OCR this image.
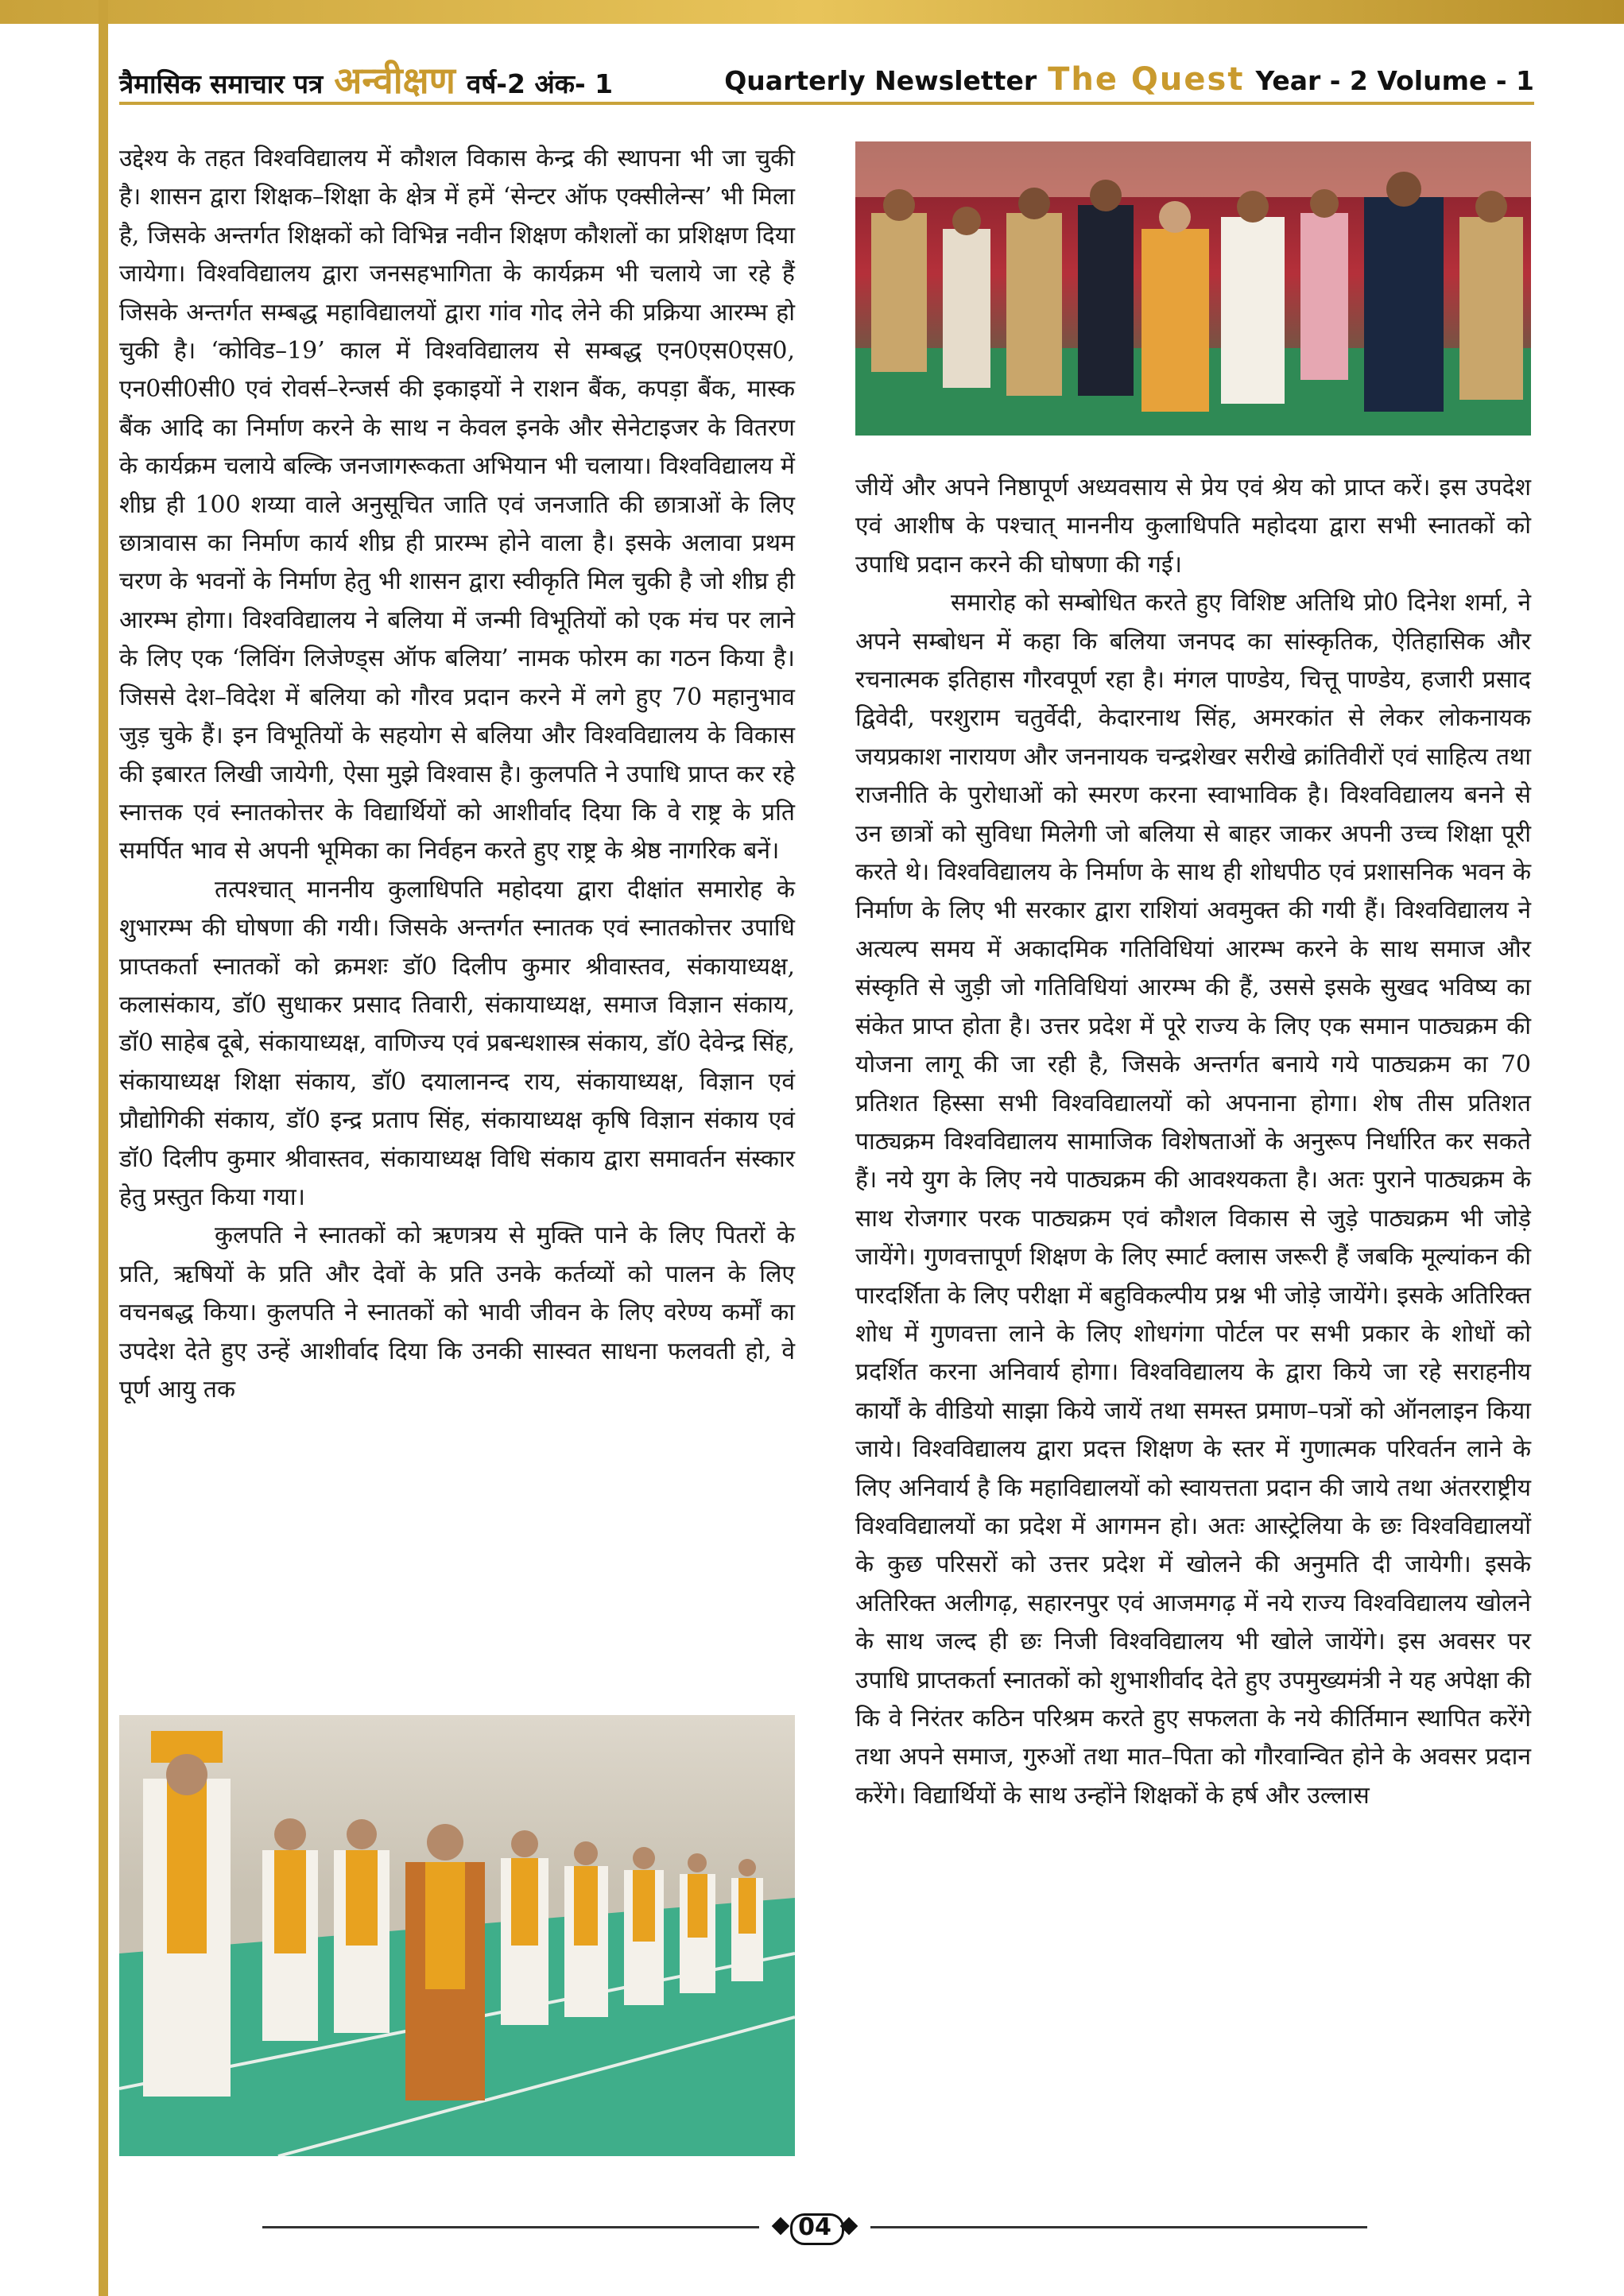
त्रैमासिक समाचार पत्र अन्वीक्षण वर्ष-2 अंक- 1	Quarterly Newsletter The Quest Year - 2 Volume - 1

उद्देश्य के तहत विश्वविद्यालय में कौशल विकास केन्द्र की स्थापना भी जा चुकी है। शासन द्वारा शिक्षक–शिक्षा के क्षेत्र में हमें ‘सेन्टर ऑफ एक्सीलेन्स’ भी मिला है, जिसके अन्तर्गत शिक्षकों को विभिन्न नवीन शिक्षण कौशलों का प्रशिक्षण दिया जायेगा। विश्वविद्यालय द्वारा जनसहभागिता के कार्यक्रम भी चलाये जा रहे हैं जिसके अन्तर्गत सम्बद्ध महाविद्यालयों द्वारा गांव गोद लेने की प्रक्रिया आरम्भ हो चुकी है। ‘कोविड–19’ काल में विश्वविद्यालय से सम्बद्ध एन0एस0एस0, एन0सी0सी0 एवं रोवर्स–रेन्जर्स की इकाइयों ने राशन बैंक, कपड़ा बैंक, मास्क बैंक आदि का निर्माण करने के साथ न केवल इनके और सेनेटाइजर के वितरण के कार्यक्रम चलाये बल्कि जनजागरूकता अभियान भी चलाया। विश्वविद्यालय में शीघ्र ही 100 शय्या वाले अनुसूचित जाति एवं जनजाति की छात्राओं के लिए छात्रावास का निर्माण कार्य शीघ्र ही प्रारम्भ होने वाला है। इसके अलावा प्रथम चरण के भवनों के निर्माण हेतु भी शासन द्वारा स्वीकृति मिल चुकी है जो शीघ्र ही आरम्भ होगा। विश्वविद्यालय ने बलिया में जन्मी विभूतियों को एक मंच पर लाने के लिए एक ‘लिविंग लिजेण्ड्स ऑफ बलिया’ नामक फोरम का गठन किया है। जिससे देश–विदेश में बलिया को गौरव प्रदान करने में लगे हुए 70 महानुभाव जुड़ चुके हैं। इन विभूतियों के सहयोग से बलिया और विश्वविद्यालय के विकास की इबारत लिखी जायेगी, ऐसा मुझे विश्वास है। कुलपति ने उपाधि प्राप्त कर रहे स्नात्तक एवं स्नातकोत्तर के विद्यार्थियों को आशीर्वाद दिया कि वे राष्ट्र के प्रति समर्पित भाव से अपनी भूमिका का निर्वहन करते हुए राष्ट्र के श्रेष्ठ नागरिक बनें।

तत्पश्चात् माननीय कुलाधिपति महोदया द्वारा दीक्षांत समारोह के शुभारम्भ की घोषणा की गयी। जिसके अन्तर्गत स्नातक एवं स्नातकोत्तर उपाधि प्राप्तकर्ता स्नातकों को क्रमशः डॉ0 दिलीप कुमार श्रीवास्तव, संकायाध्यक्ष, कलासंकाय, डॉ0 सुधाकर प्रसाद तिवारी, संकायाध्यक्ष, समाज विज्ञान संकाय, डॉ0 साहेब दूबे, संकायाध्यक्ष, वाणिज्य एवं प्रबन्धशास्त्र संकाय, डॉ0 देवेन्द्र सिंह, संकायाध्यक्ष शिक्षा संकाय, डॉ0 दयालानन्द राय, संकायाध्यक्ष, विज्ञान एवं प्रौद्योगिकी संकाय, डॉ0 इन्द्र प्रताप सिंह, संकायाध्यक्ष कृषि विज्ञान संकाय एवं डॉ0 दिलीप कुमार श्रीवास्तव, संकायाध्यक्ष विधि संकाय द्वारा समावर्तन संस्कार हेतु प्रस्तुत किया गया।

कुलपति ने स्नातकों को ऋणत्रय से मुक्ति पाने के लिए पितरों के प्रति, ऋषियों के प्रति और देवों के प्रति उनके कर्तव्यों को पालन के लिए वचनबद्ध किया। कुलपति ने स्नातकों को भावी जीवन के लिए वरेण्य कर्मों का उपदेश देते हुए उन्हें आशीर्वाद दिया कि उनकी सास्वत साधना फलवती हो, वे पूर्ण आयु तक

जीयें और अपने निष्ठापूर्ण अध्यवसाय से प्रेय एवं श्रेय को प्राप्त करें। इस उपदेश एवं आशीष के पश्चात् माननीय कुलाधिपति महोदया द्वारा सभी स्नातकों को उपाधि प्रदान करने की घोषणा की गई।

समारोह को सम्बोधित करते हुए विशिष्ट अतिथि प्रो0 दिनेश शर्मा, ने अपने सम्बोधन में कहा कि बलिया जनपद का सांस्कृतिक, ऐतिहासिक और रचनात्मक इतिहास गौरवपूर्ण रहा है। मंगल पाण्डेय, चित्तू पाण्डेय, हजारी प्रसाद द्विवेदी, परशुराम चतुर्वेदी, केदारनाथ सिंह, अमरकांत से लेकर लोकनायक जयप्रकाश नारायण और जननायक चन्द्रशेखर सरीखे क्रांतिवीरों एवं साहित्य तथा राजनीति के पुरोधाओं को स्मरण करना स्वाभाविक है। विश्वविद्यालय बनने से उन छात्रों को सुविधा मिलेगी जो बलिया से बाहर जाकर अपनी उच्च शिक्षा पूरी करते थे। विश्वविद्यालय के निर्माण के साथ ही शोधपीठ एवं प्रशासनिक भवन के निर्माण के लिए भी सरकार द्वारा राशियां अवमुक्त की गयी हैं। विश्वविद्यालय ने अत्यल्प समय में अकादमिक गतिविधियां आरम्भ करने के साथ समाज और संस्कृति से जुड़ी जो गतिविधियां आरम्भ की हैं, उससे इसके सुखद भविष्य का संकेत प्राप्त होता है। उत्तर प्रदेश में पूरे राज्य के लिए एक समान पाठ्यक्रम की योजना लागू की जा रही है, जिसके अन्तर्गत बनाये गये पाठ्यक्रम का 70 प्रतिशत हिस्सा सभी विश्वविद्यालयों को अपनाना होगा। शेष तीस प्रतिशत पाठ्यक्रम विश्वविद्यालय सामाजिक विशेषताओं के अनुरूप निर्धारित कर सकते हैं। नये युग के लिए नये पाठ्यक्रम की आवश्यकता है। अतः पुराने पाठ्यक्रम के साथ रोजगार परक पाठ्यक्रम एवं कौशल विकास से जुड़े पाठ्यक्रम भी जोड़े जायेंगे। गुणवत्तापूर्ण शिक्षण के लिए स्मार्ट क्लास जरूरी हैं जबकि मूल्यांकन की पारदर्शिता के लिए परीक्षा में बहुविकल्पीय प्रश्न भी जोड़े जायेंगे। इसके अतिरिक्त शोध में गुणवत्ता लाने के लिए शोधगंगा पोर्टल पर सभी प्रकार के शोधों को प्रदर्शित करना अनिवार्य होगा। विश्वविद्यालय के द्वारा किये जा रहे सराहनीय कार्यों के वीडियो साझा किये जायें तथा समस्त प्रमाण–पत्रों को ऑनलाइन किया जाये। विश्वविद्यालय द्वारा प्रदत्त शिक्षण के स्तर में गुणात्मक परिवर्तन लाने के लिए अनिवार्य है कि महाविद्यालयों को स्वायत्तता प्रदान की जाये तथा अंतरराष्ट्रीय विश्वविद्यालयों का प्रदेश में आगमन हो। अतः आस्ट्रेलिया के छः विश्वविद्यालयों के कुछ परिसरों को उत्तर प्रदेश में खोलने की अनुमति दी जायेगी। इसके अतिरिक्त अलीगढ़, सहारनपुर एवं आजमगढ़ में नये राज्य विश्वविद्यालय खोलने के साथ जल्द ही छः निजी विश्वविद्यालय भी खोले जायेंगे। इस अवसर पर उपाधि प्राप्तकर्ता स्नातकों को शुभाशीर्वाद देते हुए उपमुख्यमंत्री ने यह अपेक्षा की कि वे निरंतर कठिन परिश्रम करते हुए सफलता के नये कीर्तिमान स्थापित करेंगे तथा अपने समाज, गुरुओं तथा मात–पिता को गौरवान्वित होने के अवसर प्रदान करेंगे। विद्यार्थियों के साथ उन्होंने शिक्षकों के हर्ष और उल्लास

04
